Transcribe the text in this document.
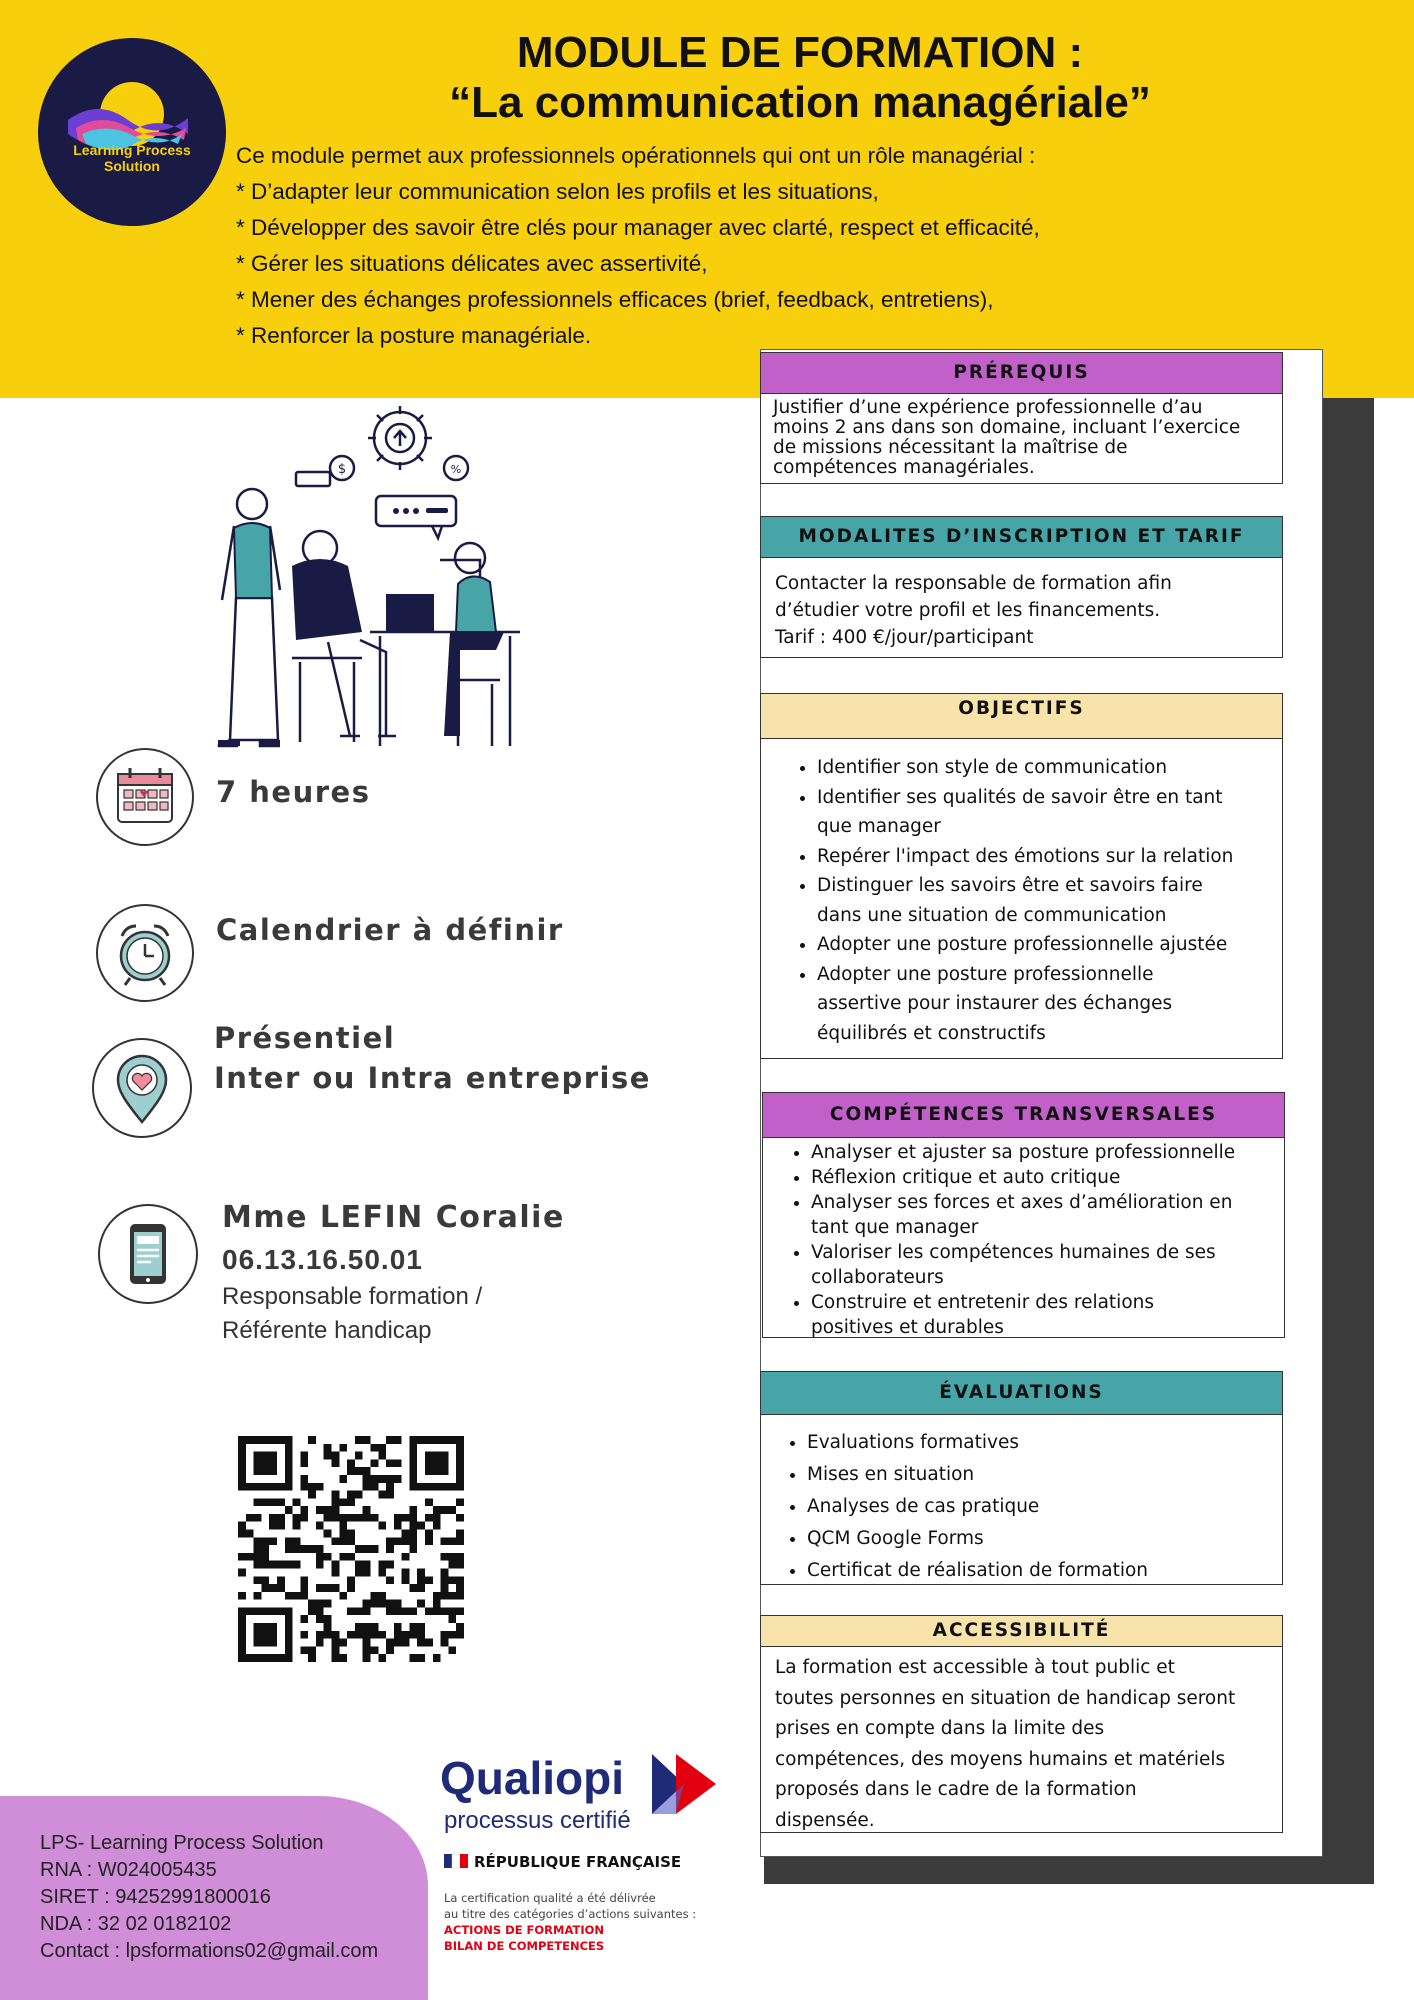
Learning Process
Solution
MODULE DE FORMATION :
“La communication managériale”
Ce module permet aux professionnels opérationnels qui ont un rôle managérial :
* D’adapter leur communication selon les profils et les situations,
* Développer des savoir être clés pour manager avec clarté, respect et efficacité,
* Gérer les situations délicates avec assertivité,
* Mener des échanges professionnels efficaces (brief, feedback, entretiens),
* Renforcer la posture managériale.
PRÉREQUIS
Justifier d’une expérience professionnelle d’au
moins 2 ans dans son domaine, incluant l’exercice
de missions nécessitant la maîtrise de
compétences managériales.
MODALITES D’INSCRIPTION ET TARIF
Contacter la responsable de formation afin
d’étudier votre profil et les financements.
Tarif : 400 €/jour/participant
OBJECTIFS
• Identifier son style de communication
• Identifier ses qualités de savoir être en tant
que manager
• Repérer l'impact des émotions sur la relation
• Distinguer les savoirs être et savoirs faire
dans une situation de communication
• Adopter une posture professionnelle ajustée
• Adopter une posture professionnelle
assertive pour instaurer des échanges
équilibrés et constructifs
COMPÉTENCES TRANSVERSALES
• Analyser et ajuster sa posture professionnelle
• Réflexion critique et auto critique
• Analyser ses forces et axes d’amélioration en
tant que manager
• Valoriser les compétences humaines de ses
collaborateurs
• Construire et entretenir des relations
positives et durables
ÉVALUATIONS
• Evaluations formatives
• Mises en situation
• Analyses de cas pratique
• QCM Google Forms
• Certificat de réalisation de formation
ACCESSIBILITÉ
La formation est accessible à tout public et
toutes personnes en situation de handicap seront
prises en compte dans la limite des
compétences, des moyens humains et matériels
proposés dans le cadre de la formation
dispensée.
$	%
7 heures
Calendrier à définir
Présentiel
Inter ou Intra entreprise
Mme LEFIN Coralie
06.13.16.50.01
Responsable formation /
Référente handicap
Qualiopi
processus certifié
RÉPUBLIQUE FRANÇAISE
La certification qualité a été délivrée
au titre des catégories d’actions suivantes :
ACTIONS DE FORMATION
BILAN DE COMPETENCES
LPS- Learning Process Solution
RNA : W024005435
SIRET : 94252991800016
NDA : 32 02 0182102
Contact : lpsformations02@gmail.com
